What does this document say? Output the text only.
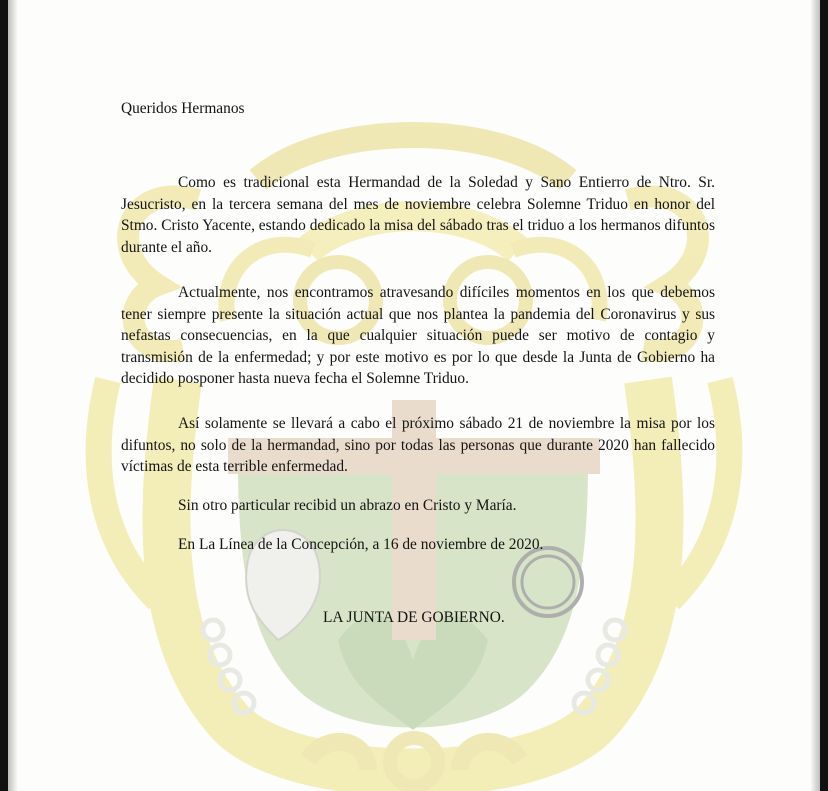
Queridos Hermanos

Como es tradicional esta Hermandad de la Soledad y Sano Entierro de Ntro. Sr. Jesucristo, en la tercera semana del mes de noviembre celebra Solemne Triduo en honor del Stmo. Cristo Yacente, estando dedicado la misa del sábado tras el triduo a los hermanos difuntos durante el año.

Actualmente, nos encontramos atravesando difíciles momentos en los que debemos tener siempre presente la situación actual que nos plantea la pandemia del Coronavirus y sus nefastas consecuencias, en la que cualquier situación puede ser motivo de contagio y transmisión de la enfermedad; y por este motivo es por lo que desde la Junta de Gobierno ha decidido posponer hasta nueva fecha el Solemne Triduo.

Así solamente se llevará a cabo el próximo sábado 21 de noviembre la misa por los difuntos, no solo de la hermandad, sino por todas las personas que durante 2020 han fallecido víctimas de esta terrible enfermedad.

Sin otro particular recibid un abrazo en Cristo y María.
En La Línea de la Concepción, a 16 de noviembre de 2020.
LA JUNTA DE GOBIERNO.
